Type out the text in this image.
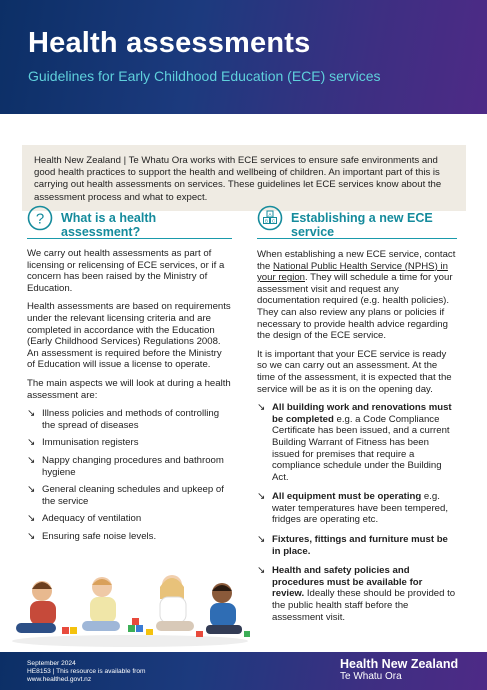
Health assessments
Guidelines for Early Childhood Education (ECE) services
Health New Zealand | Te Whatu Ora works with ECE services to ensure safe environments and good health practices to support the health and wellbeing of children. An important part of this is carrying out health assessments on services. These guidelines let ECE services know about the assessment process and what to expect.
? What is a health assessment?

We carry out health assessments as part of licensing or relicensing of ECE services, or if a concern has been raised by the Ministry of Education.

Health assessments are based on requirements under the relevant licensing criteria and are completed in accordance with the Education (Early Childhood Services) Regulations 2008. An assessment is required before the Ministry of Education will issue a license to operate.

The main aspects we will look at during a health assessment are:

↘ Illness policies and methods of controlling the spread of diseases
↘ Immunisation registers
↘ Nappy changing procedures and bathroom hygiene
↘ General cleaning schedules and upkeep of the service
↘ Adequacy of ventilation
↘ Ensuring safe noise levels.
A
B C Establishing a new ECE service

When establishing a new ECE service, contact the National Public Health Service (NPHS) in your region. They will schedule a time for your assessment visit and request any documentation required (e.g. health policies). They can also review any plans or policies if necessary to provide health advice regarding the design of the ECE service.

It is important that your ECE service is ready so we can carry out an assessment. At the time of the assessment, it is expected that the service will be as it is on the opening day.

↘ All building work and renovations must be completed e.g. a Code Compliance Certificate has been issued, and a current Building Warrant of Fitness has been issued for premises that require a compliance schedule under the Building Act.
↘ All equipment must be operating e.g. water temperatures have been tempered, fridges are operating etc.
↘ Fixtures, fittings and furniture must be in place.
↘ Health and safety policies and procedures must be available for review. Ideally these should be provided to the public health staff before the assessment visit.
September 2024
HE8153 | This resource is available from
www.healthed.govt.nz
Health New Zealand
Te Whatu Ora
